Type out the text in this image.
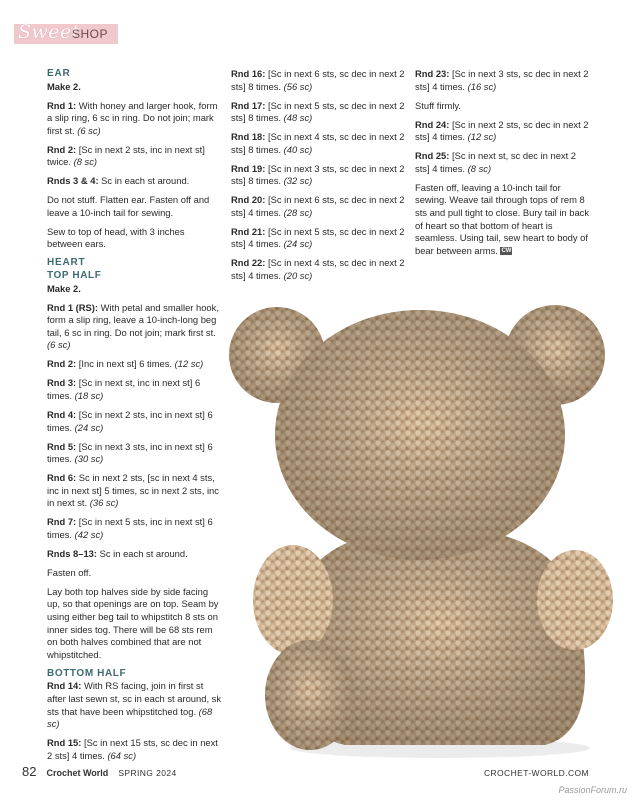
Sweet
SHOP
EAR

Make 2.

Rnd 1: With honey and larger hook, form a slip ring, 6 sc in ring. Do not join; mark first st. (6 sc)

Rnd 2: [Sc in next 2 sts, inc in next st] twice. (8 sc)

Rnds 3 & 4: Sc in each st around.

Do not stuff. Flatten ear. Fasten off and leave a 10-inch tail for sewing.

Sew to top of head, with 3 inches between ears.

HEART
TOP HALF

Make 2.

Rnd 1 (RS): With petal and smaller hook, form a slip ring, leave a 10-inch-long beg tail, 6 sc in ring. Do not join; mark first st. (6 sc)

Rnd 2: [Inc in next st] 6 times. (12 sc)

Rnd 3: [Sc in next st, inc in next st] 6 times. (18 sc)

Rnd 4: [Sc in next 2 sts, inc in next st] 6 times. (24 sc)

Rnd 5: [Sc in next 3 sts, inc in next st] 6 times. (30 sc)

Rnd 6: Sc in next 2 sts, [sc in next 4 sts, inc in next st] 5 times, sc in next 2 sts, inc in next st. (36 sc)

Rnd 7: [Sc in next 5 sts, inc in next st] 6 times. (42 sc)

Rnds 8–13: Sc in each st around.

Fasten off.

Lay both top halves side by side facing up, so that openings are on top. Seam by using either beg tail to whipstitch 8 sts on inner sides tog. There will be 68 sts rem on both halves combined that are not whipstitched.

BOTTOM HALF

Rnd 14: With RS facing, join in first st after last sewn st, sc in each st around, sk sts that have been whipstitched tog. (68 sc)

Rnd 15: [Sc in next 15 sts, sc dec in next 2 sts] 4 times. (64 sc)

Rnd 16: [Sc in next 6 sts, sc dec in next 2 sts] 8 times. (56 sc)

Rnd 17: [Sc in next 5 sts, sc dec in next 2 sts] 8 times. (48 sc)

Rnd 18: [Sc in next 4 sts, sc dec in next 2 sts] 8 times. (40 sc)

Rnd 19: [Sc in next 3 sts, sc dec in next 2 sts] 8 times. (32 sc)

Rnd 20: [Sc in next 6 sts, sc dec in next 2 sts] 4 times. (28 sc)

Rnd 21: [Sc in next 5 sts, sc dec in next 2 sts] 4 times. (24 sc)

Rnd 22: [Sc in next 4 sts, sc dec in next 2 sts] 4 times. (20 sc)

Rnd 23: [Sc in next 3 sts, sc dec in next 2 sts] 4 times. (16 sc)

Stuff firmly.

Rnd 24: [Sc in next 2 sts, sc dec in next 2 sts] 4 times. (12 sc)

Rnd 25: [Sc in next st, sc dec in next 2 sts] 4 times. (8 sc)

Fasten off, leaving a 10-inch tail for sewing. Weave tail through tops of rem 8 sts and pull tight to close. Bury tail in back of heart so that bottom of heart is seamless. Using tail, sew heart to body of bear between arms. CW

82 Crochet World SPRING 2024	CROCHET-WORLD.COM
PassionForum.ru
